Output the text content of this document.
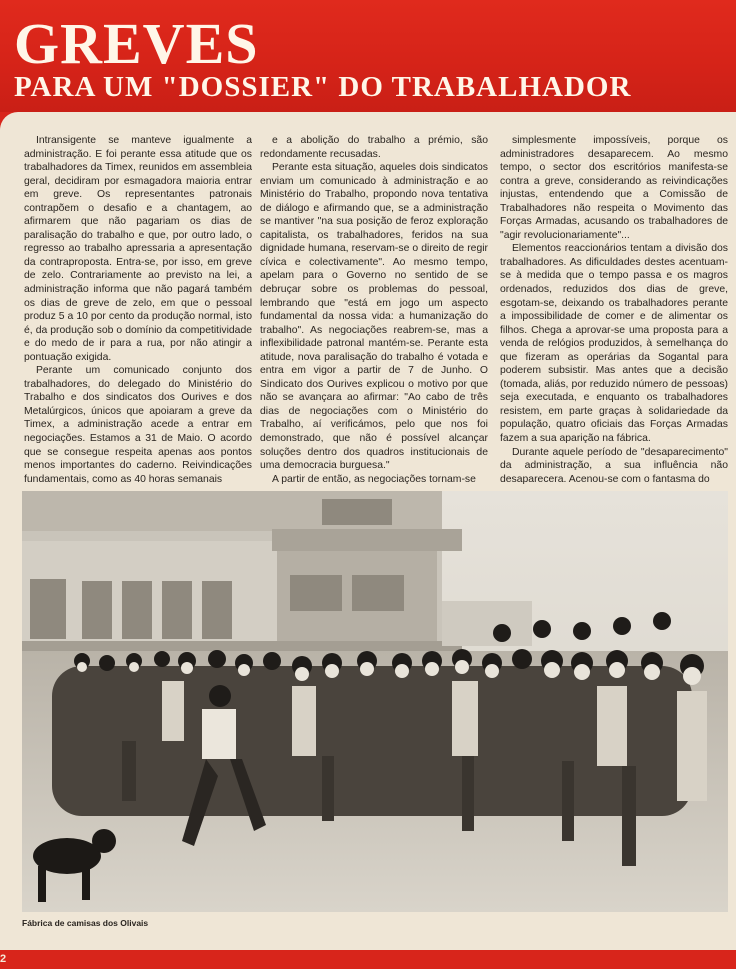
GREVES
PARA UM "DOSSIER" DO TRABALHADOR

Intransigente se manteve igualmente a administração. E foi perante essa atitude que os trabalhadores da Timex, reunidos em assembleia geral, decidiram por esmagadora maioria entrar em greve. Os representantes patronais contrapõem o desafio e a chantagem, ao afirmarem que não pagariam os dias de paralisação do trabalho e que, por outro lado, o regresso ao trabalho apressaria a apresentação da contraproposta. Entra-se, por isso, em greve de zelo. Contrariamente ao previsto na lei, a administração informa que não pagará também os dias de greve de zelo, em que o pessoal produz 5 a 10 por cento da produção normal, isto é, da produção sob o domínio da competitividade e do medo de ir para a rua, por não atingir a pontuação exigida.

Perante um comunicado conjunto dos trabalhadores, do delegado do Ministério do Trabalho e dos sindicatos dos Ourives e dos Metalúrgicos, únicos que apoiaram a greve da Timex, a administração acede a entrar em negociações. Estamos a 31 de Maio. O acordo que se consegue respeita apenas aos pontos menos importantes do caderno. Reivindicações fundamentais, como as 40 horas semanais

e a abolição do trabalho a prémio, são redondamente recusadas.

Perante esta situação, aqueles dois sindicatos enviam um comunicado à administração e ao Ministério do Trabalho, propondo nova tentativa de diálogo e afirmando que, se a administração se mantiver "na sua posição de feroz exploração capitalista, os trabalhadores, feridos na sua dignidade humana, reservam-se o direito de regir cívica e colectivamente". Ao mesmo tempo, apelam para o Governo no sentido de se debruçar sobre os problemas do pessoal, lembrando que "está em jogo um aspecto fundamental da nossa vida: a humanização do trabalho". As negociações reabrem-se, mas a inflexibilidade patronal mantém-se. Perante esta atitude, nova paralisação do trabalho é votada e entra em vigor a partir de 7 de Junho. O Sindicato dos Ourives explicou o motivo por que não se avançara ao afirmar: "Ao cabo de três dias de negociações com o Ministério do Trabalho, aí verificámos, pelo que nos foi demonstrado, que não é possível alcançar soluções dentro dos quadros institucionais de uma democracia burguesa."

A partir de então, as negociações tornam-se

simplesmente impossíveis, porque os administradores desaparecem. Ao mesmo tempo, o sector dos escritórios manifesta-se contra a greve, considerando as reivindicações injustas, entendendo que a Comissão de Trabalhadores não respeita o Movimento das Forças Armadas, acusando os trabalhadores de "agir revolucionariamente"...

Elementos reaccionários tentam a divisão dos trabalhadores. As dificuldades destes acentuam-se à medida que o tempo passa e os magros ordenados, reduzidos dos dias de greve, esgotam-se, deixando os trabalhadores perante a impossibilidade de comer e de alimentar os filhos. Chega a aprovar-se uma proposta para a venda de relógios produzidos, à semelhança do que fizeram as operárias da Sogantal para poderem subsistir. Mas antes que a decisão (tomada, aliás, por reduzido número de pessoas) seja executada, e enquanto os trabalhadores resistem, em parte graças à solidariedade da população, quatro oficiais das Forças Armadas fazem a sua aparição na fábrica.

Durante aquele período de "desaparecimento" da administração, a sua influência não desaparecera. Acenou-se com o fantasma do

Fábrica de camisas dos Olivais

2
